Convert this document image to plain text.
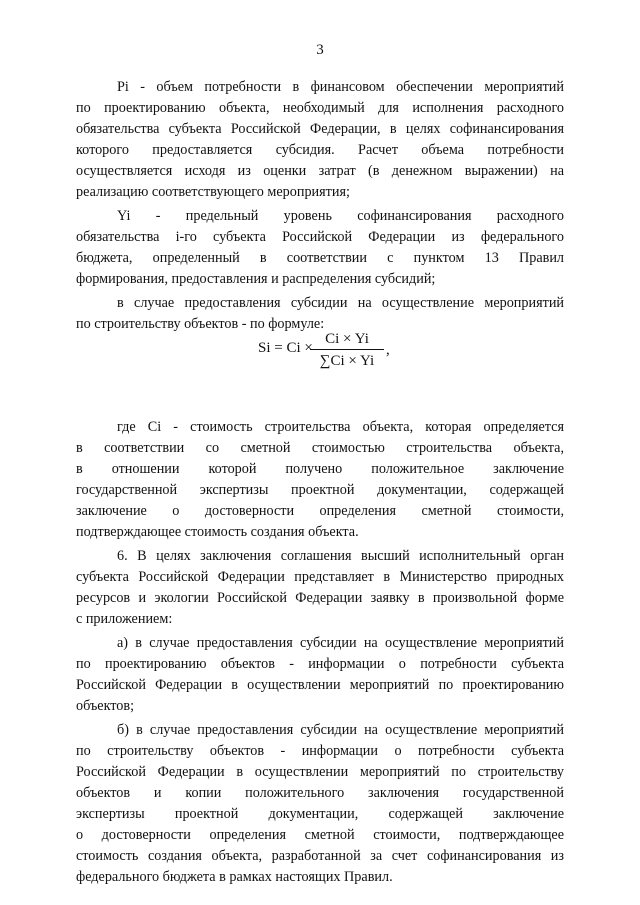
3
Pi - объем потребности в финансовом обеспечении мероприятий
по проектированию объекта, необходимый для исполнения расходного
обязательства субъекта Российской Федерации, в целях софинансирования
которого предоставляется субсидия. Расчет объема потребности
осуществляется исходя из оценки затрат (в денежном выражении) на
реализацию соответствующего мероприятия;
Yi - предельный уровень софинансирования расходного
обязательства i-го субъекта Российской Федерации из федерального
бюджета, определенный в соответствии с пунктом 13 Правил
формирования, предоставления и распределения субсидий;
в случае предоставления субсидии на осуществление мероприятий
по строительству объектов - по формуле:
где Ci - стоимость строительства объекта, которая определяется
в соответствии со сметной стоимостью строительства объекта,
в отношении которой получено положительное заключение
государственной экспертизы проектной документации, содержащей
заключение о достоверности определения сметной стоимости,
подтверждающее стоимость создания объекта.
6. В целях заключения соглашения высший исполнительный орган
субъекта Российской Федерации представляет в Министерство природных
ресурсов и экологии Российской Федерации заявку в произвольной форме
с приложением:
а) в случае предоставления субсидии на осуществление мероприятий
по проектированию объектов - информации о потребности субъекта
Российской Федерации в осуществлении мероприятий по проектированию
объектов;
б) в случае предоставления субсидии на осуществление мероприятий
по строительству объектов - информации о потребности субъекта
Российской Федерации в осуществлении мероприятий по строительству
объектов и копии положительного заключения государственной
экспертизы проектной документации, содержащей заключение
о достоверности определения сметной стоимости, подтверждающее
стоимость создания объекта, разработанной за счет софинансирования из
федерального бюджета в рамках настоящих Правил.
Si = Ci ×
Ci × Yi
∑Ci × Yi
,
